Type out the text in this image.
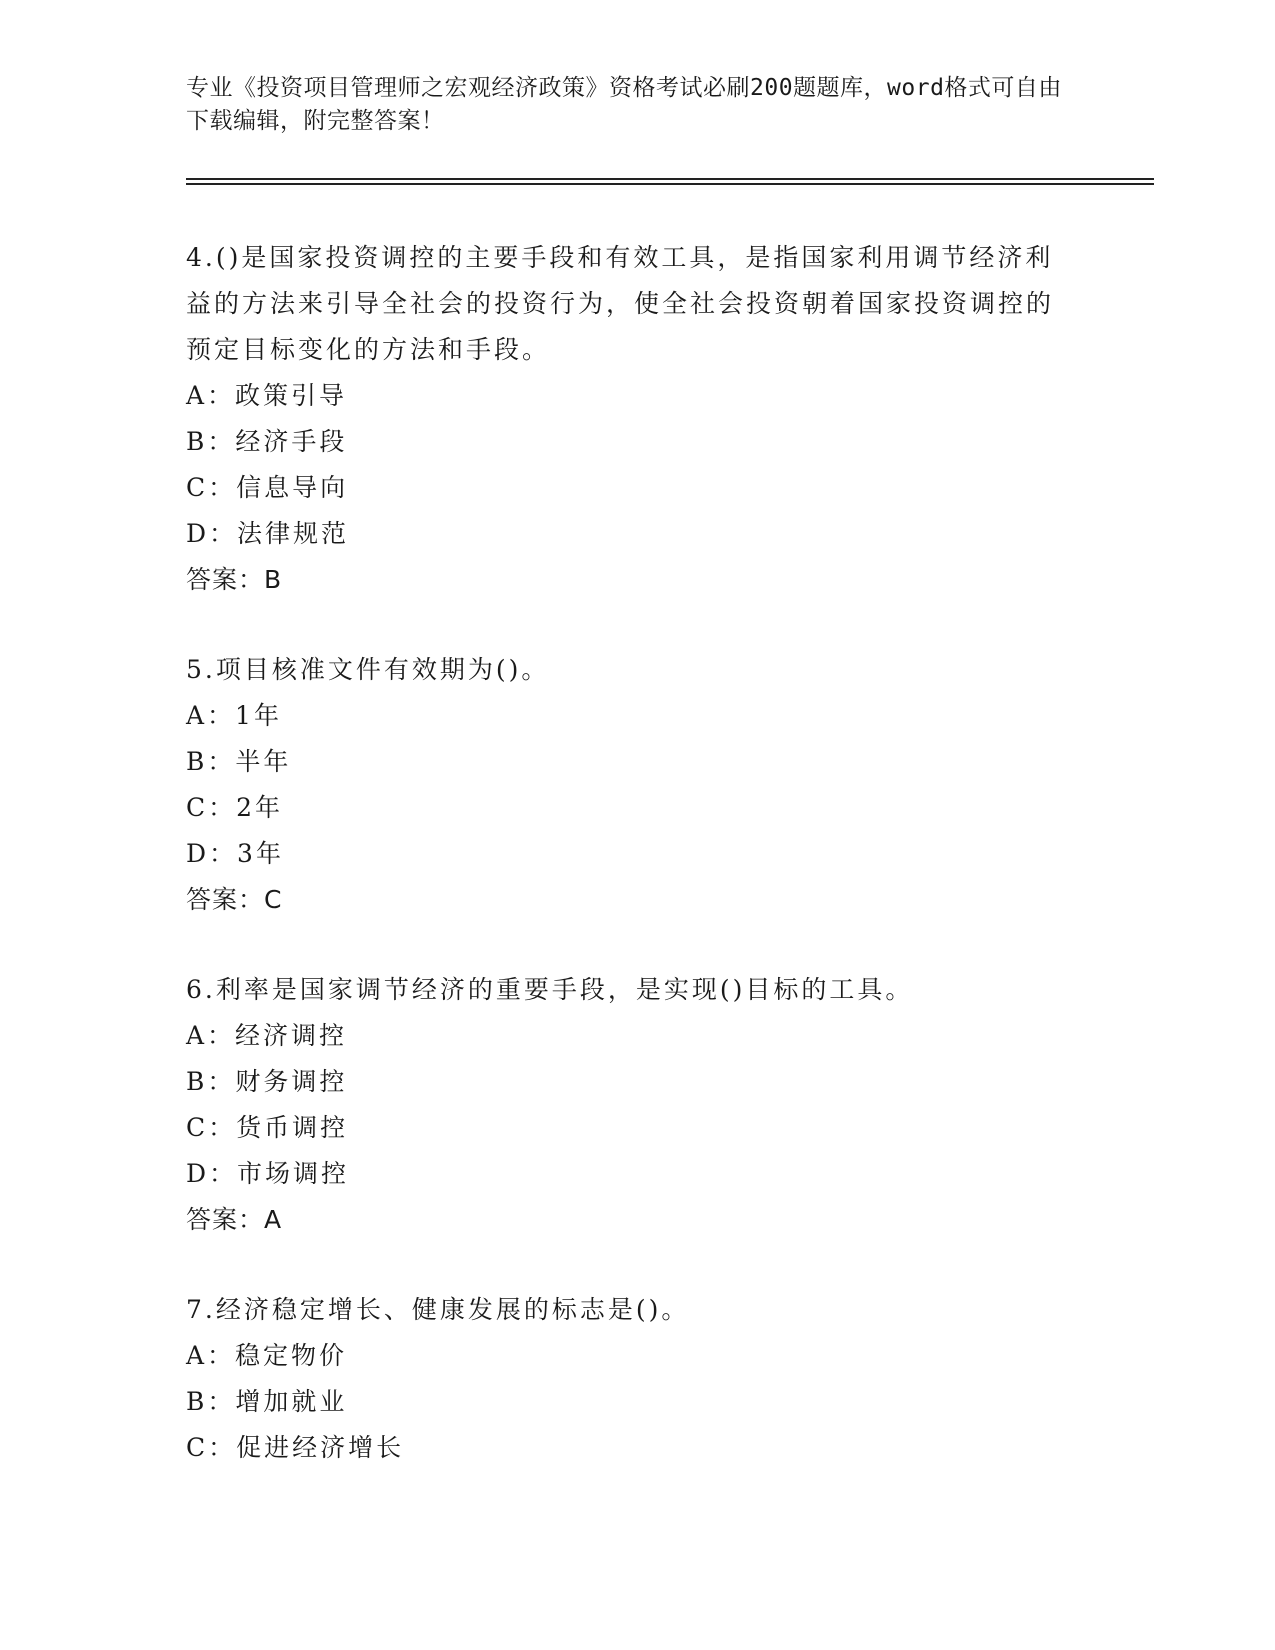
专业《投资项目管理师之宏观经济政策》资格考试必刷200题题库，word格式可自由下载编辑，附完整答案！

4.()是国家投资调控的主要手段和有效工具，是指国家利用调节经济利益的方法来引导全社会的投资行为，使全社会投资朝着国家投资调控的预定目标变化的方法和手段。

A：政策引导

B：经济手段

C：信息导向

D：法律规范

答案：B

5.项目核准文件有效期为()。

A：1年

B：半年

C：2年

D：3年

答案：C

6.利率是国家调节经济的重要手段，是实现()目标的工具。

A：经济调控

B：财务调控

C：货币调控

D：市场调控

答案：A

7.经济稳定增长、健康发展的标志是()。

A：稳定物价

B：增加就业

C：促进经济增长
